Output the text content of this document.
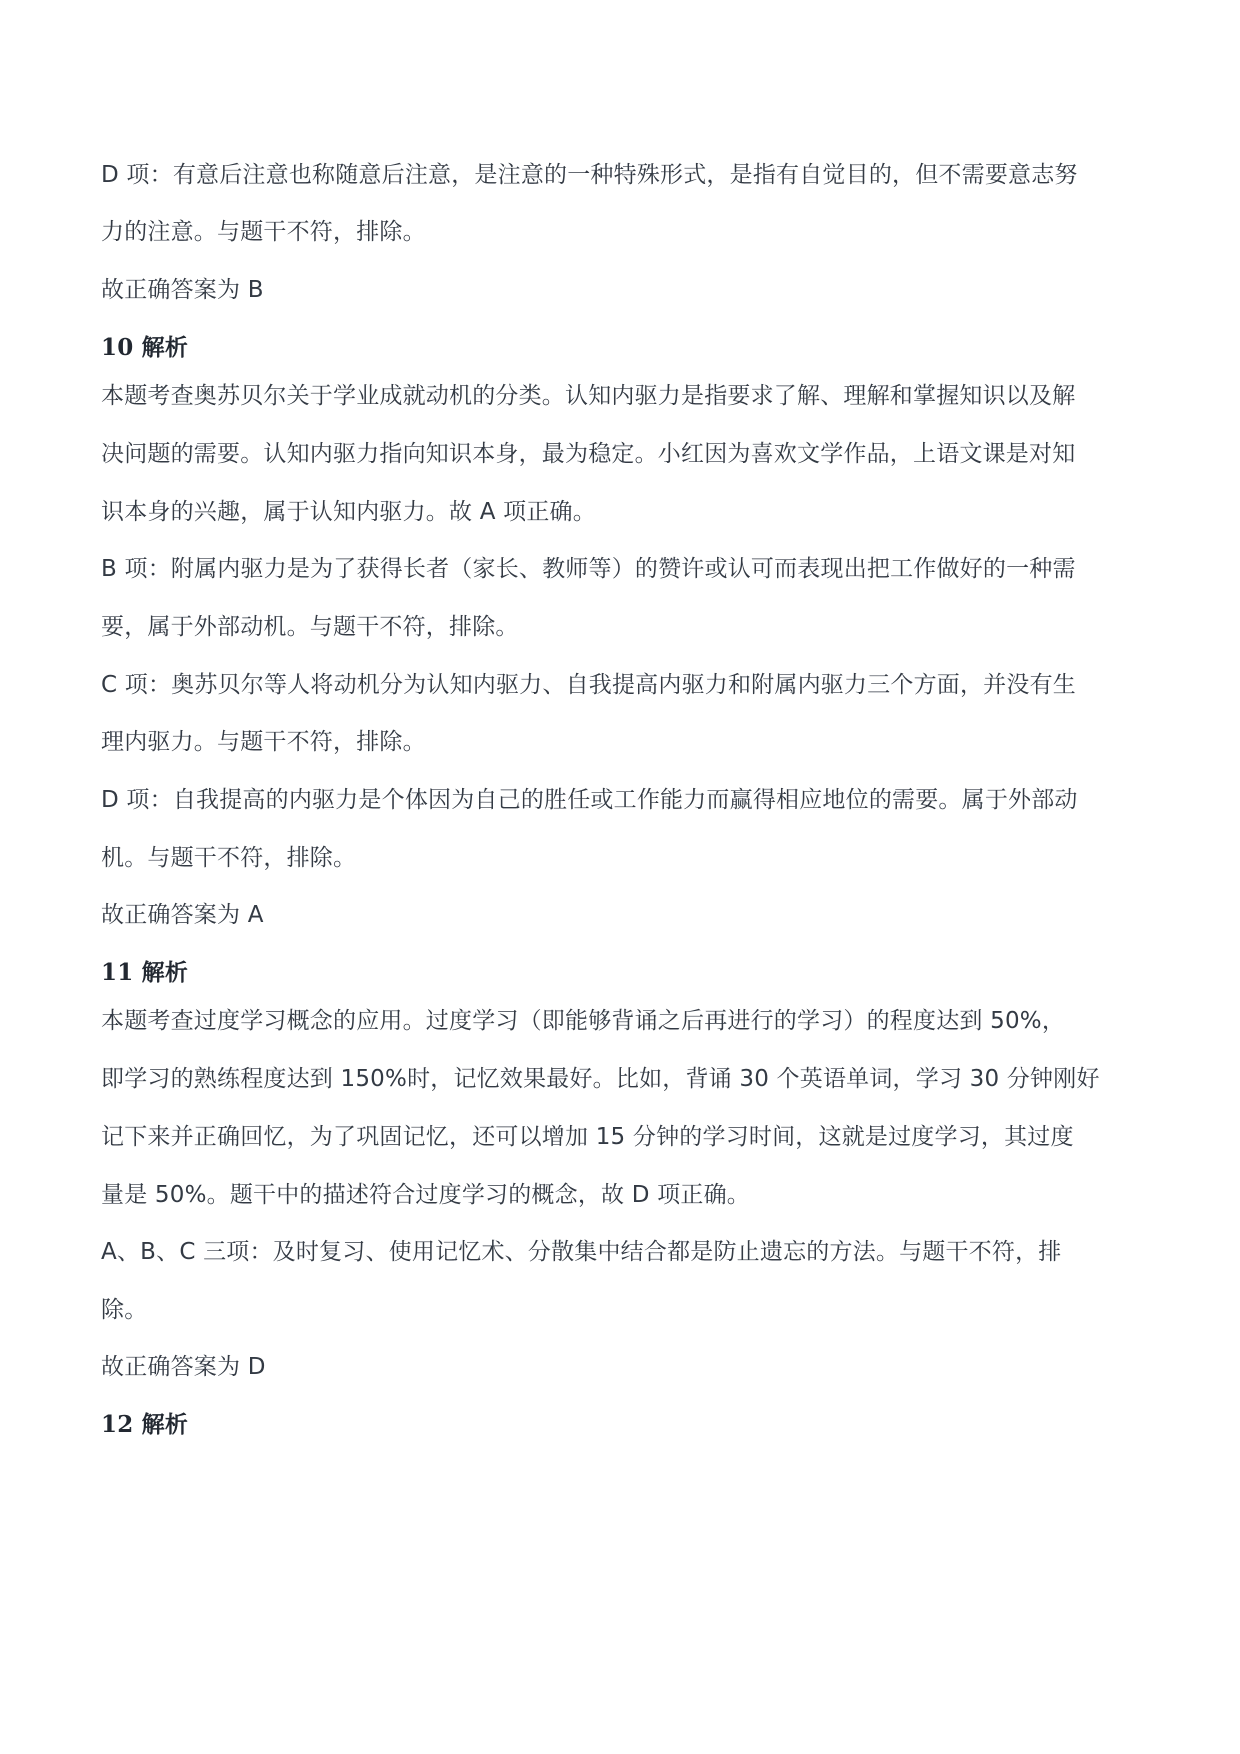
D 项：有意后注意也称随意后注意，是注意的一种特殊形式，是指有自觉目的，但不需要意志努
力的注意。与题干不符，排除。
故正确答案为 B
10 解析
本题考查奥苏贝尔关于学业成就动机的分类。认知内驱力是指要求了解、理解和掌握知识以及解
决问题的需要。认知内驱力指向知识本身，最为稳定。小红因为喜欢文学作品，上语文课是对知
识本身的兴趣，属于认知内驱力。故 A 项正确。
B 项：附属内驱力是为了获得长者（家长、教师等）的赞许或认可而表现出把工作做好的一种需
要，属于外部动机。与题干不符，排除。
C 项：奥苏贝尔等人将动机分为认知内驱力、自我提高内驱力和附属内驱力三个方面，并没有生
理内驱力。与题干不符，排除。
D 项：自我提高的内驱力是个体因为自己的胜任或工作能力而赢得相应地位的需要。属于外部动
机。与题干不符，排除。
故正确答案为 A
11 解析
本题考查过度学习概念的应用。过度学习（即能够背诵之后再进行的学习）的程度达到 50%，
即学习的熟练程度达到 150%时，记忆效果最好。比如，背诵 30 个英语单词，学习 30 分钟刚好
记下来并正确回忆，为了巩固记忆，还可以增加 15 分钟的学习时间，这就是过度学习，其过度
量是 50%。题干中的描述符合过度学习的概念，故 D 项正确。
A、B、C 三项：及时复习、使用记忆术、分散集中结合都是防止遗忘的方法。与题干不符，排
除。
故正确答案为 D
12 解析
